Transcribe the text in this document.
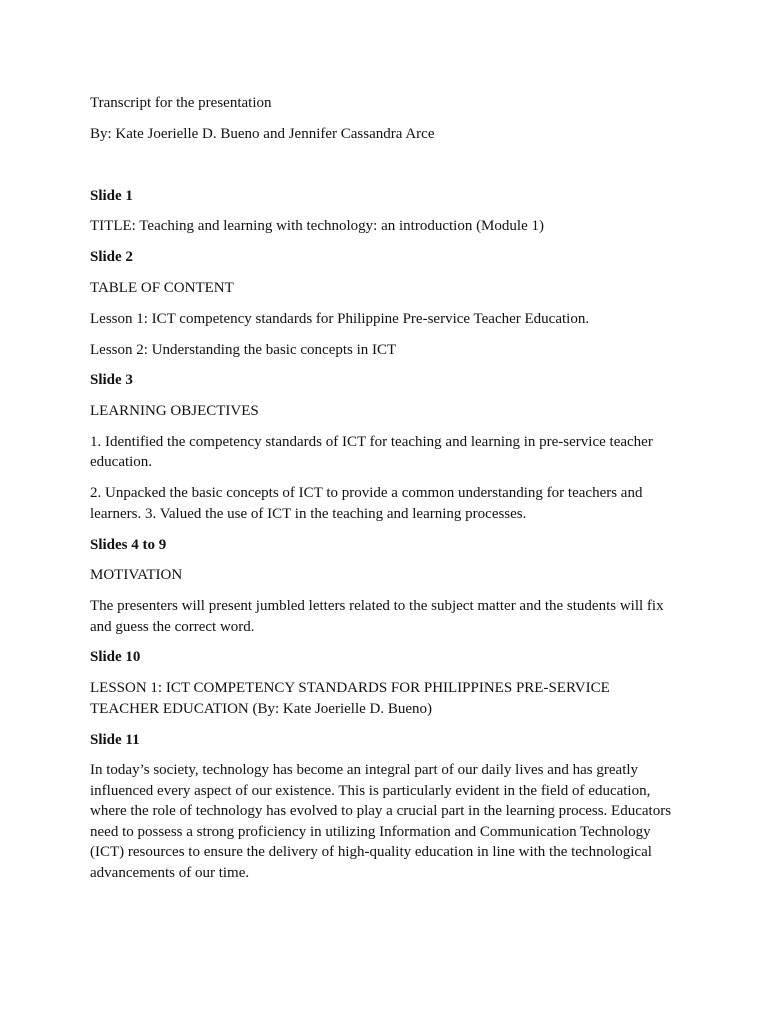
Transcript for the presentation

By: Kate Joerielle D. Bueno and Jennifer Cassandra Arce

Slide 1

TITLE: Teaching and learning with technology: an introduction (Module 1)

Slide 2

TABLE OF CONTENT

Lesson 1: ICT competency standards for Philippine Pre-service Teacher Education.

Lesson 2: Understanding the basic concepts in ICT

Slide 3

LEARNING OBJECTIVES

1. Identified the competency standards of ICT for teaching and learning in pre-service teacher education.

2. Unpacked the basic concepts of ICT to provide a common understanding for teachers and learners. 3. Valued the use of ICT in the teaching and learning processes.

Slides 4 to 9

MOTIVATION

The presenters will present jumbled letters related to the subject matter and the students will fix and guess the correct word.

Slide 10

LESSON 1: ICT COMPETENCY STANDARDS FOR PHILIPPINES PRE-SERVICE TEACHER EDUCATION (By: Kate Joerielle D. Bueno)

Slide 11

In today’s society, technology has become an integral part of our daily lives and has greatly influenced every aspect of our existence. This is particularly evident in the field of education, where the role of technology has evolved to play a crucial part in the learning process. Educators need to possess a strong proficiency in utilizing Information and Communication Technology (ICT) resources to ensure the delivery of high-quality education in line with the technological advancements of our time.
